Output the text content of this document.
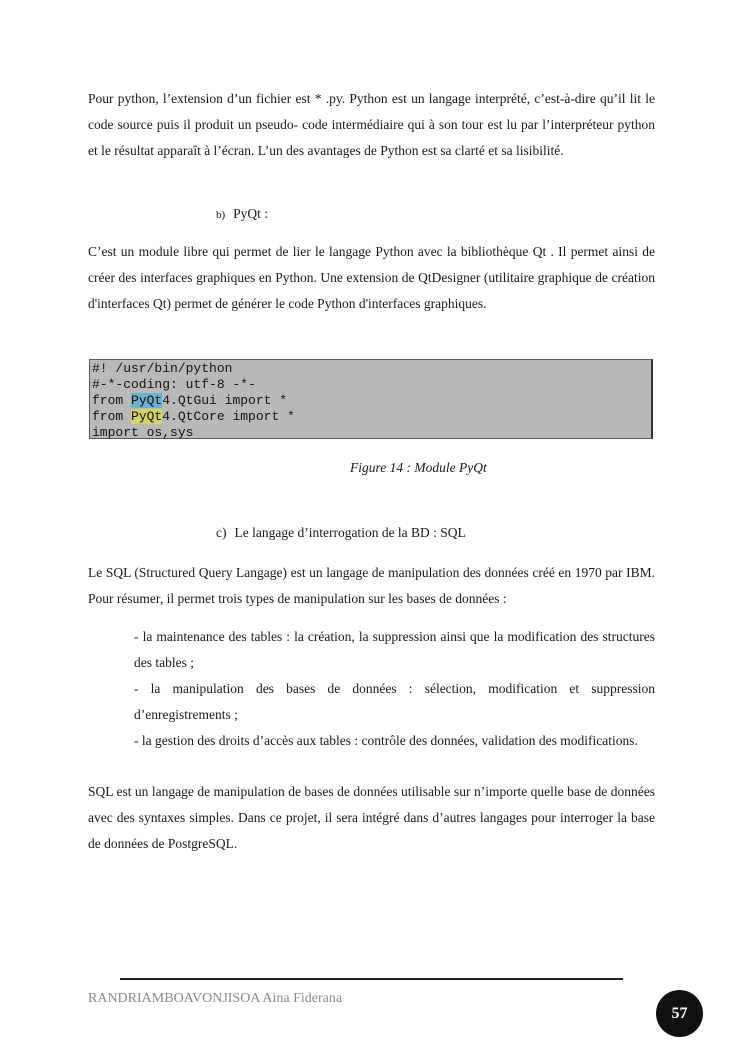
Pour python, l’extension d’un fichier est * .py. Python est un langage interprété, c’est-à-dire qu’il lit le code source puis il produit un pseudo- code intermédiaire qui à son tour est lu par l’interpréteur python et le résultat apparaît à l’écran. L’un des avantages de Python est sa clarté et sa lisibilité.

b) PyQt :

C’est un module libre qui permet de lier le langage Python avec la bibliothèque Qt . Il permet ainsi de créer des interfaces graphiques en Python. Une extension de QtDesigner (utilitaire graphique de création d'interfaces Qt) permet de générer le code Python d'interfaces graphiques.

#! /usr/bin/python
#-*-coding: utf-8 -*-
from PyQt4.QtGui import *
from PyQt4.QtCore import *
import os,sys
Figure 14 : Module PyQt
c) Le langage d’interrogation de la BD : SQL

Le SQL (Structured Query Langage) est un langage de manipulation des données créé en 1970 par IBM. Pour résumer, il permet trois types de manipulation sur les bases de données :

- la maintenance des tables : la création, la suppression ainsi que la modification des structures des tables ;
- la manipulation des bases de données : sélection, modification et suppression d’enregistrements ;
- la gestion des droits d’accès aux tables : contrôle des données, validation des modifications.

SQL est un langage de manipulation de bases de données utilisable sur n’importe quelle base de données avec des syntaxes simples. Dans ce projet, il sera intégré dans d’autres langages pour interroger la base de données de PostgreSQL.

RANDRIAMBOAVONJISOA Aina Fiderana
57
